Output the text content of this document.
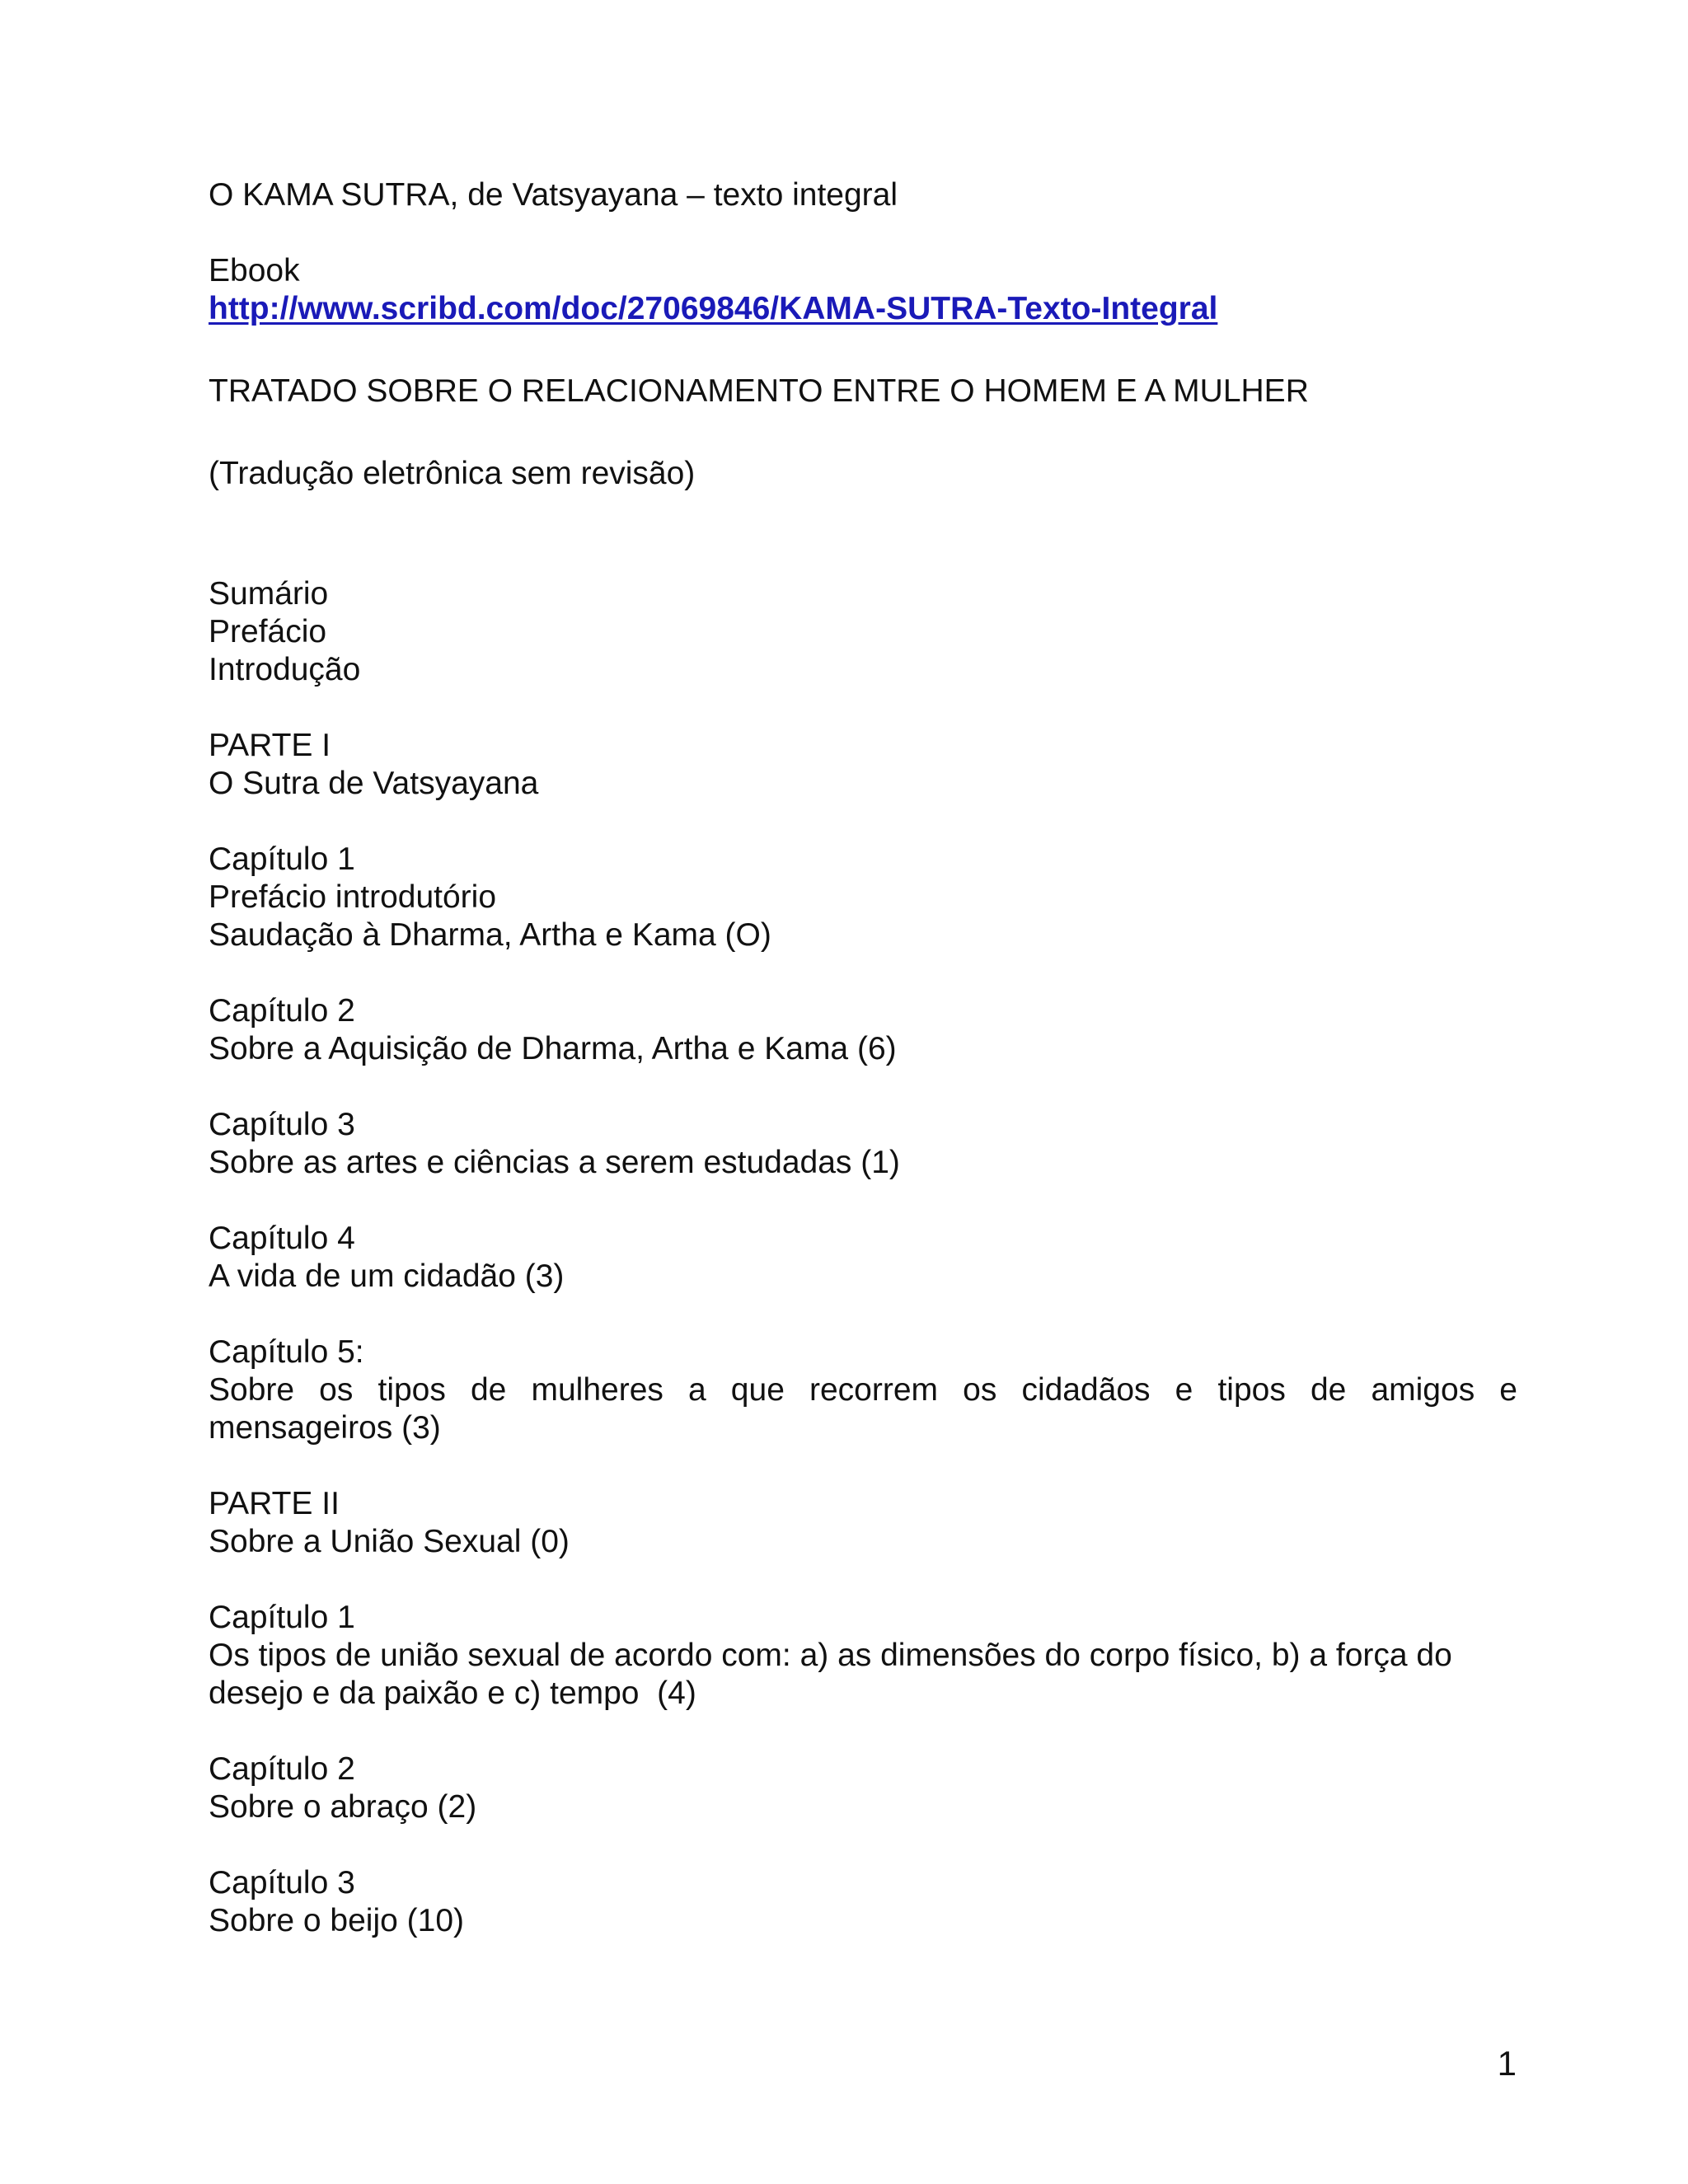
O KAMA SUTRA, de Vatsyayana – texto integral
Ebook
http://www.scribd.com/doc/27069846/KAMA-SUTRA-Texto-Integral
TRATADO SOBRE O RELACIONAMENTO ENTRE O HOMEM E A MULHER
(Tradução eletrônica sem revisão)
Sumário
Prefácio
Introdução
PARTE I
O Sutra de Vatsyayana
Capítulo 1
Prefácio introdutório
Saudação à Dharma, Artha e Kama (O)
Capítulo 2
Sobre a Aquisição de Dharma, Artha e Kama (6)
Capítulo 3
Sobre as artes e ciências a serem estudadas (1)
Capítulo 4
A vida de um cidadão (3)
Capítulo 5:
Sobre os tipos de mulheres a que recorrem os cidadãos e tipos de amigos e
mensageiros (3)
PARTE II
Sobre a União Sexual (0)
Capítulo 1
Os tipos de união sexual de acordo com: a) as dimensões do corpo físico, b) a força do
desejo e da paixão e c) tempo  (4)
Capítulo 2
Sobre o abraço (2)
Capítulo 3
Sobre o beijo (10)
1
